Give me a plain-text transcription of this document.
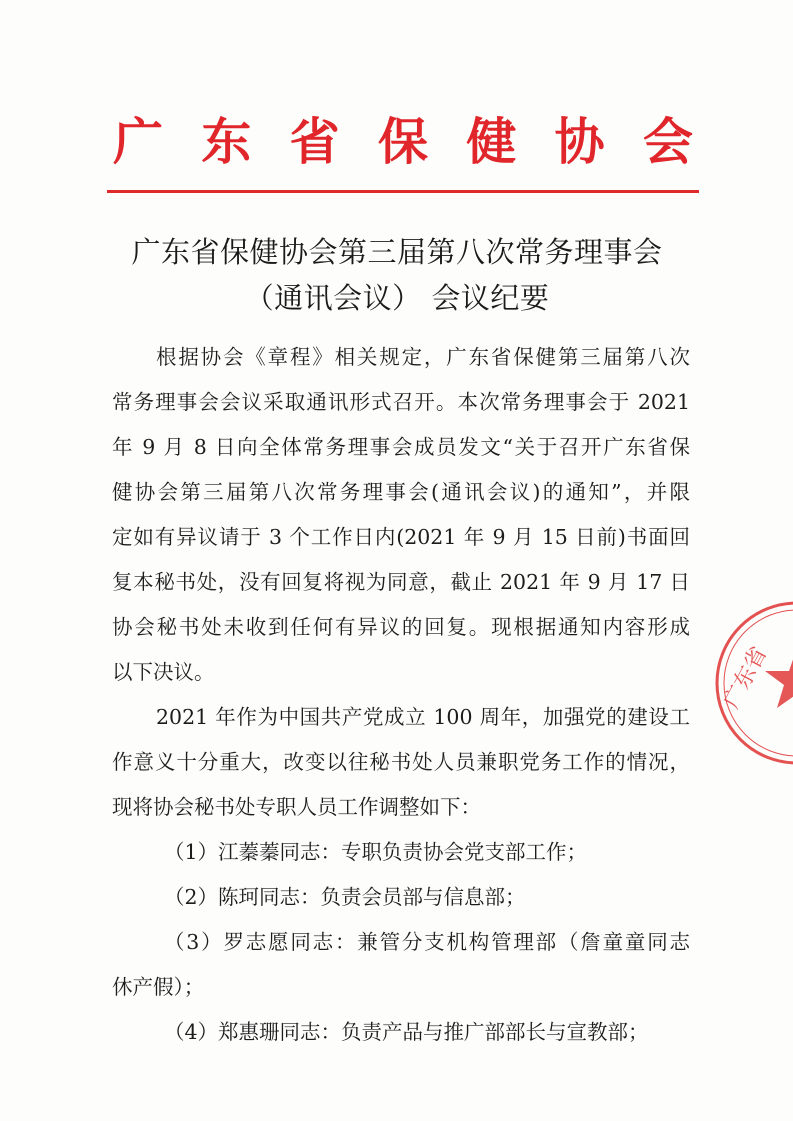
广 东 省 保 健 协 会
广东省保健协会第三届第八次常务理事会
（通讯会议） 会议纪要
根据协会《章程》相关规定，广东省保健第三届第八次
常务理事会会议采取通讯形式召开。本次常务理事会于 2021
年 9 月 8 日向全体常务理事会成员发文“关于召开广东省保
健协会第三届第八次常务理事会(通讯会议)的通知”，并限
定如有异议请于 3 个工作日内(2021 年 9 月 15 日前)书面回
复本秘书处，没有回复将视为同意，截止 2021 年 9 月 17 日
协会秘书处未收到任何有异议的回复。现根据通知内容形成
以下决议。
2021 年作为中国共产党成立 100 周年，加强党的建设工
作意义十分重大，改变以往秘书处人员兼职党务工作的情况，
现将协会秘书处专职人员工作调整如下：
（1）江蓁蓁同志：专职负责协会党支部工作；
（2）陈珂同志：负责会员部与信息部；
（3）罗志愿同志：兼管分支机构管理部（詹童童同志
休产假）；
（4）郑惠珊同志：负责产品与推广部部长与宣教部；
广东省
